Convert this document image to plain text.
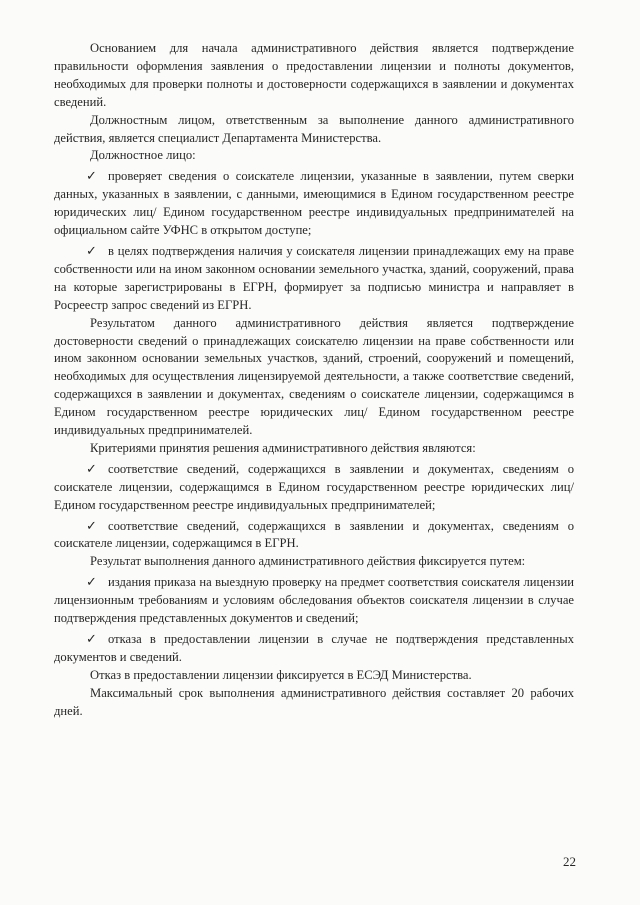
Основанием для начала административного действия является подтверждение правильности оформления заявления о предоставлении лицензии и полноты документов, необходимых для проверки полноты и достоверности содержащихся в заявлении и документах сведений.

Должностным лицом, ответственным за выполнение данного административного действия, является специалист Департамента Министерства.

Должностное лицо:

✓ проверяет сведения о соискателе лицензии, указанные в заявлении, путем сверки данных, указанных в заявлении, с данными, имеющимися в Едином государственном реестре юридических лиц/ Едином государственном реестре индивидуальных предпринимателей на официальном сайте УФНС в открытом доступе;

✓ в целях подтверждения наличия у соискателя лицензии принадлежащих ему на праве собственности или на ином законном основании земельного участка, зданий, сооружений, права на которые зарегистрированы в ЕГРН, формирует за подписью министра и направляет в Росреестр запрос сведений из ЕГРН.

Результатом данного административного действия является подтверждение достоверности сведений о принадлежащих соискателю лицензии на праве собственности или ином законном основании земельных участков, зданий, строений, сооружений и помещений, необходимых для осуществления лицензируемой деятельности, а также соответствие сведений, содержащихся в заявлении и документах, сведениям о соискателе лицензии, содержащимся в Едином государственном реестре юридических лиц/ Едином государственном реестре индивидуальных предпринимателей.

Критериями принятия решения административного действия являются:

✓ соответствие сведений, содержащихся в заявлении и документах, сведениям о соискателе лицензии, содержащимся в Едином государственном реестре юридических лиц/ Едином государственном реестре индивидуальных предпринимателей;

✓ соответствие сведений, содержащихся в заявлении и документах, сведениям о соискателе лицензии, содержащимся в ЕГРН.

Результат выполнения данного административного действия фиксируется путем:

✓ издания приказа на выездную проверку на предмет соответствия соискателя лицензии лицензионным требованиям и условиям обследования объектов соискателя лицензии в случае подтверждения представленных документов и сведений;

✓ отказа в предоставлении лицензии в случае не подтверждения представленных документов и сведений.

Отказ в предоставлении лицензии фиксируется в ЕСЭД Министерства.

Максимальный срок выполнения административного действия составляет 20 рабочих дней.

22
